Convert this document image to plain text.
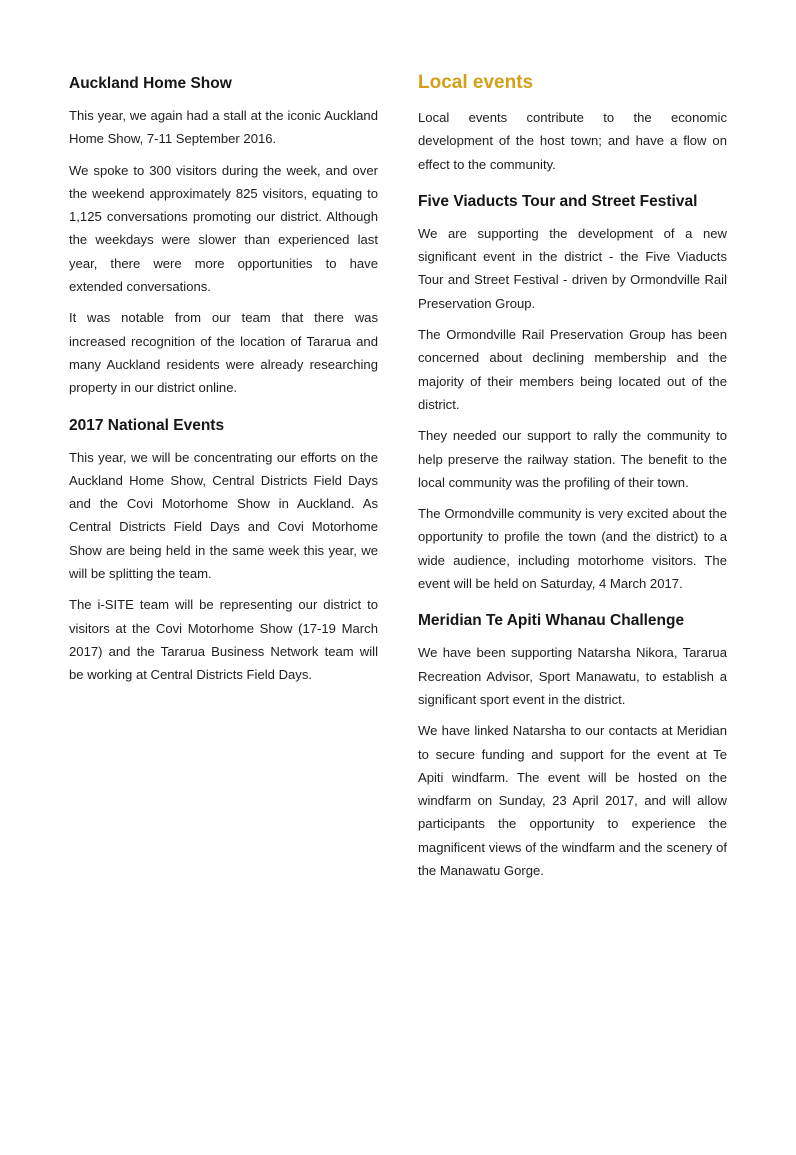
Auckland Home Show

This year, we again had a stall at the iconic Auckland Home Show, 7-11 September 2016.

We spoke to 300 visitors during the week, and over the weekend approximately 825 visitors, equating to 1,125 conversations promoting our district. Although the weekdays were slower than experienced last year, there were more opportunities to have extended conversations.

It was notable from our team that there was increased recognition of the location of Tararua and many Auckland residents were already researching property in our district online.

2017 National Events

This year, we will be concentrating our efforts on the Auckland Home Show, Central Districts Field Days and the Covi Motorhome Show in Auckland. As Central Districts Field Days and Covi Motorhome Show are being held in the same week this year, we will be splitting the team.

The i-SITE team will be representing our district to visitors at the Covi Motorhome Show (17-19 March 2017) and the Tararua Business Network team will be working at Central Districts Field Days.

Local events

Local events contribute to the economic development of the host town; and have a flow on effect to the community.

Five Viaducts Tour and Street Festival

We are supporting the development of a new significant event in the district - the Five Viaducts Tour and Street Festival - driven by Ormondville Rail Preservation Group.

The Ormondville Rail Preservation Group has been concerned about declining membership and the majority of their members being located out of the district.

They needed our support to rally the community to help preserve the railway station. The benefit to the local community was the profiling of their town.

The Ormondville community is very excited about the opportunity to profile the town (and the district) to a wide audience, including motorhome visitors. The event will be held on Saturday, 4 March 2017.

Meridian Te Apiti Whanau Challenge

We have been supporting Natarsha Nikora, Tararua Recreation Advisor, Sport Manawatu, to establish a significant sport event in the district.

We have linked Natarsha to our contacts at Meridian to secure funding and support for the event at Te Apiti windfarm. The event will be hosted on the windfarm on Sunday, 23 April 2017, and will allow participants the opportunity to experience the magnificent views of the windfarm and the scenery of the Manawatu Gorge.
